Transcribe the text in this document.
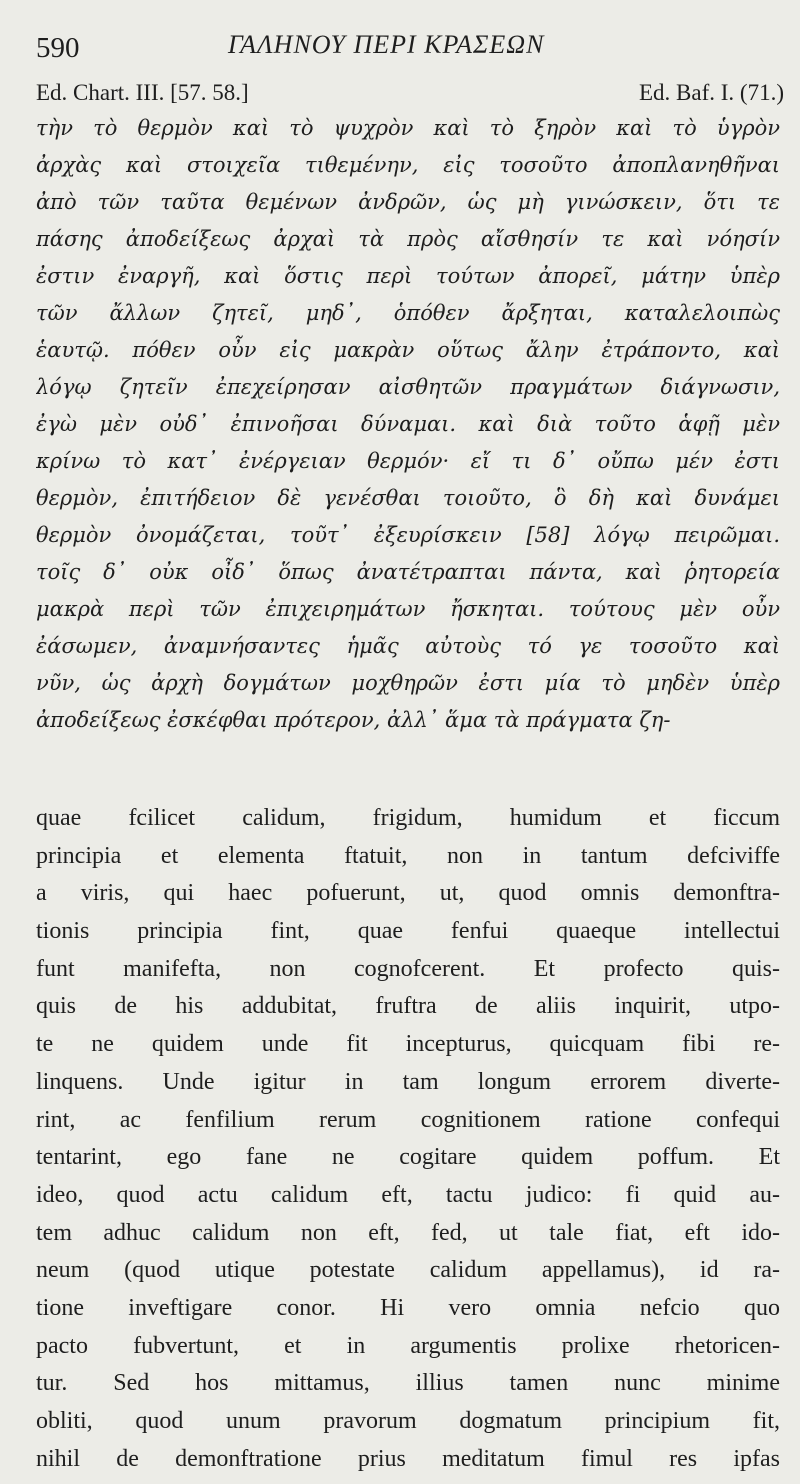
590	ΓΑΛΗΝΟΥ ΠΕΡΙ ΚΡΑΣΕΩΝ
Ed. Chart. III. [57. 58.]	Ed. Baf. I. (71.)
τὴν τὸ θερμὸν καὶ τὸ ψυχρὸν καὶ τὸ ξηρὸν καὶ τὸ ὑγρὸν
ἀρχὰς καὶ στοιχεῖα τιθεμένην, εἰς τοσοῦτο ἀποπλανηθῆναι
ἀπὸ τῶν ταῦτα θεμένων ἀνδρῶν, ὡς μὴ γινώσκειν, ὅτι τε
πάσης ἀποδείξεως ἀρχαὶ τὰ πρὸς αἴσθησίν τε καὶ νόησίν
ἐστιν ἐναργῆ, καὶ ὅστις περὶ τούτων ἀπορεῖ, μάτην ὑπὲρ
τῶν ἄλλων ζητεῖ, μηδ᾽, ὁπόθεν ἄρξηται, καταλελοιπὼς
ἑαυτῷ. πόθεν οὖν εἰς μακρὰν οὕτως ἄλην ἐτράποντο, καὶ
λόγῳ ζητεῖν ἐπεχείρησαν αἰσθητῶν πραγμάτων διάγνωσιν,
ἐγὼ μὲν οὐδ᾽ ἐπινοῆσαι δύναμαι. καὶ διὰ τοῦτο ἁφῇ μὲν
κρίνω τὸ κατ᾽ ἐνέργειαν θερμόν· εἴ τι δ᾽ οὔπω μέν ἐστι
θερμὸν, ἐπιτήδειον δὲ γενέσθαι τοιοῦτο, ὃ δὴ καὶ δυνάμει
θερμὸν ὀνομάζεται, τοῦτ᾽ ἐξευρίσκειν [58] λόγῳ πειρῶμαι.
τοῖς δ᾽ οὐκ οἶδ᾽ ὅπως ἀνατέτραπται πάντα, καὶ ῥητορεία
μακρὰ περὶ τῶν ἐπιχειρημάτων ἤσκηται. τούτους μὲν οὖν
ἐάσωμεν, ἀναμνήσαντες ἡμᾶς αὐτοὺς τό γε τοσοῦτο καὶ
νῦν, ὡς ἀρχὴ δογμάτων μοχθηρῶν ἐστι μία τὸ μηδὲν ὑπὲρ
ἀποδείξεως ἐσκέφθαι πρότερον, ἀλλ᾽ ἅμα τὰ πράγματα ζη-
quae fcilicet calidum, frigidum, humidum et ficcum
principia et elementa ftatuit, non in tantum defciviffe
a viris, qui haec pofuerunt, ut, quod omnis demonftra-
tionis principia fint, quae fenfui quaeque intellectui
funt manifefta, non cognofcerent. Et profecto quis-
quis de his addubitat, fruftra de aliis inquirit, utpo-
te ne quidem unde fit incepturus, quicquam fibi re-
linquens. Unde igitur in tam longum errorem diverte-
rint, ac fenfilium rerum cognitionem ratione confequi
tentarint, ego fane ne cogitare quidem poffum. Et
ideo, quod actu calidum eft, tactu judico: fi quid au-
tem adhuc calidum non eft, fed, ut tale fiat, eft ido-
neum (quod utique potestate calidum appellamus), id ra-
tione inveftigare conor. Hi vero omnia nefcio quo
pacto fubvertunt, et in argumentis prolixe rhetoricen-
tur. Sed hos mittamus, illius tamen nunc minime
obliti, quod unum pravorum dogmatum principium fit,
nihil de demonftratione prius meditatum fimul res ipfas
